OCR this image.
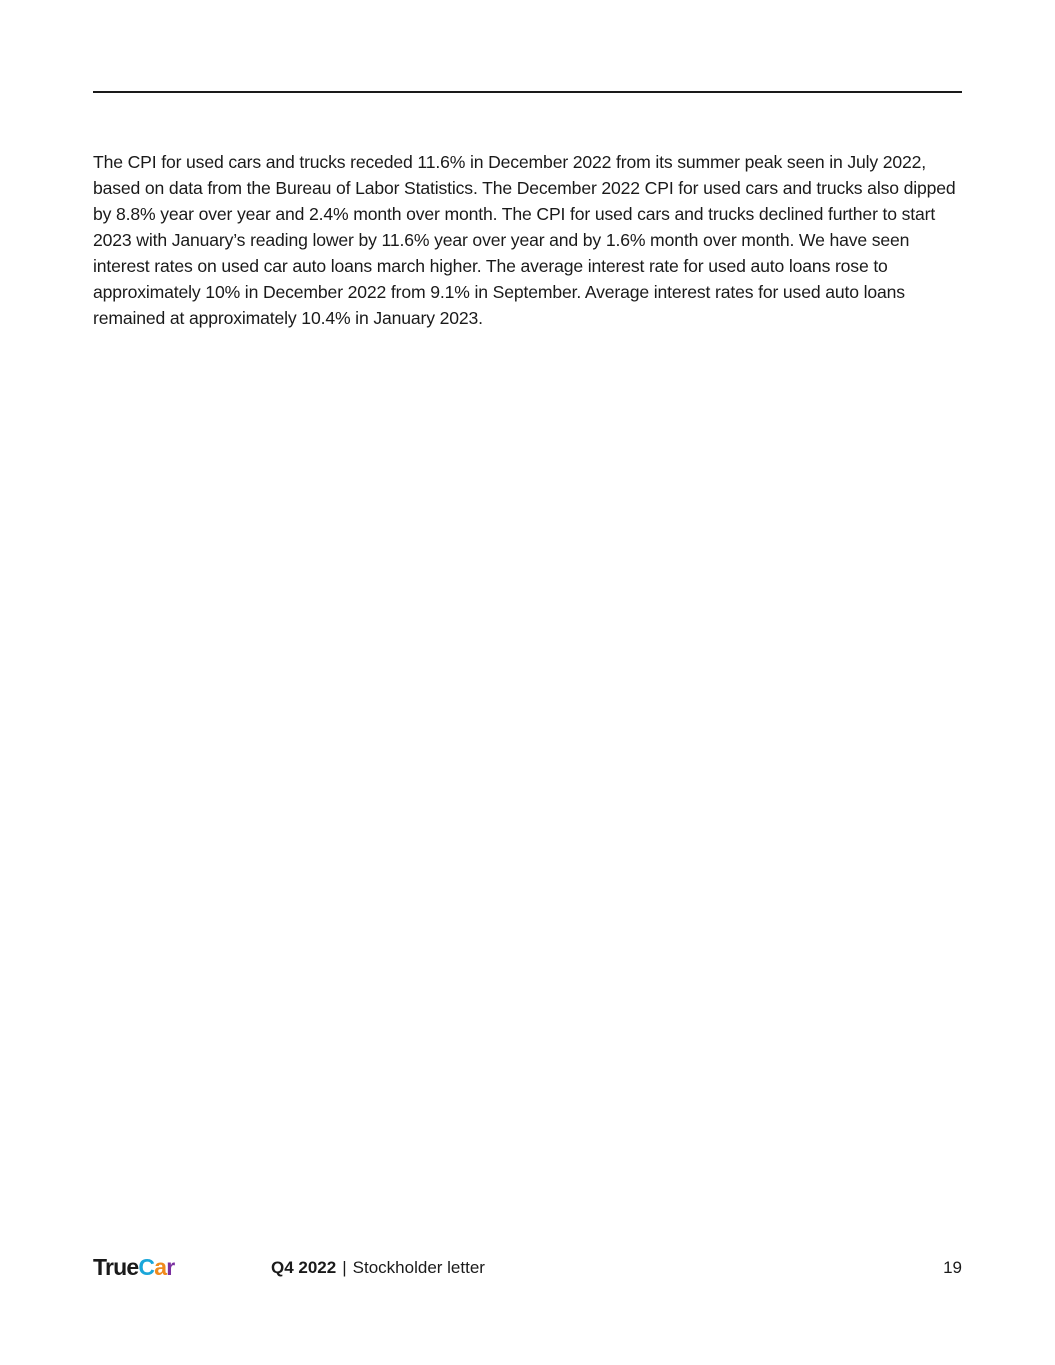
The CPI for used cars and trucks receded 11.6% in December 2022 from its summer peak seen in July 2022, based on data from the Bureau of Labor Statistics. The December 2022 CPI for used cars and trucks also dipped by 8.8% year over year and 2.4% month over month. The CPI for used cars and trucks declined further to start 2023 with January’s reading lower by 11.6% year over year and by 1.6% month over month. We have seen interest rates on used car auto loans march higher. The average interest rate for used auto loans rose to approximately 10% in December 2022 from 9.1% in September. Average interest rates for used auto loans remained at approximately 10.4% in January 2023.

TrueCar	Q4 2022 | Stockholder letter	19
